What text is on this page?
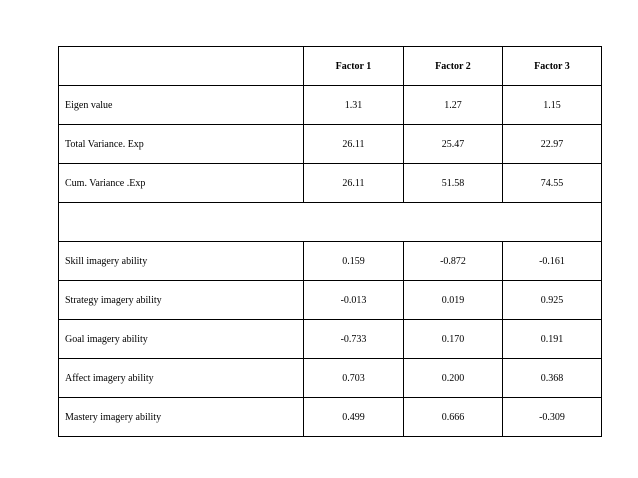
	Factor 1	Factor 2	Factor 3
Eigen value	1.31	1.27	1.15
Total Variance. Exp	26.11	25.47	22.97
Cum. Variance .Exp	26.11	51.58	74.55

Skill imagery ability	0.159	-0.872	-0.161
Strategy imagery ability	-0.013	0.019	0.925
Goal imagery ability	-0.733	0.170	0.191
Affect imagery ability	0.703	0.200	0.368
Mastery imagery ability	0.499	0.666	-0.309
